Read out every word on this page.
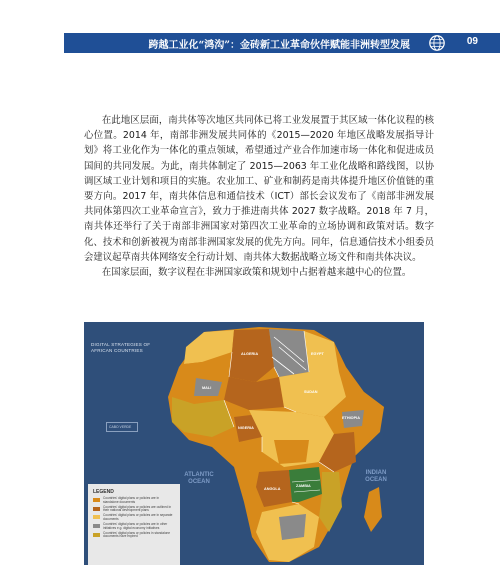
跨越工业化“鸿沟”：金砖新工业革命伙伴赋能非洲转型发展	09

在此地区层面，南共体等次地区共同体已将工业发展置于其区域一体化议程的核心位置。2014 年，南部非洲发展共同体的《2015—2020 年地区战略发展指导计划》将工业化作为一体化的重点领域，希望通过产业合作加速市场一体化和促进成员国间的共同发展。为此，南共体制定了 2015—2063 年工业化战略和路线图，以协调区域工业计划和项目的实施。农业加工、矿业和制药是南共体提升地区价值链的重要方向。2017 年，南共体信息和通信技术（ICT）部长会议发布了《南部非洲发展共同体第四次工业革命宣言》，致力于推进南共体 2027 数字战略。2018 年 7 月，南共体还举行了关于南部非洲国家对第四次工业革命的立场协调和政策对话。数字化、技术和创新被视为南部非洲国家发展的优先方向。同年，信息通信技术小组委员会建议起草南共体网络安全行动计划、南共体大数据战略立场文件和南共体决议。

在国家层面，数字议程在非洲国家政策和规划中占据着越来越中心的位置。

DIGITAL STRATEGIES OF
AFRICAN COUNTRIES
CABO VERDE
ALGERIA	EGYPT
MALI
NIGERIA
SUDAN
ETHIOPIA
ANGOLA
ZAMBIA
ATLANTIC OCEAN
INDIAN OCEAN
LEGEND
Countries' digital plans or policies are in standalone documents
Countries' digital plans or policies are outlined in their national development plans
Countries' digital plans or policies are in separate documents
Countries' digital plans or policies are in other initiatives e.g. digital economy initiatives
Countries' digital plans or policies in standalone documents have expired
